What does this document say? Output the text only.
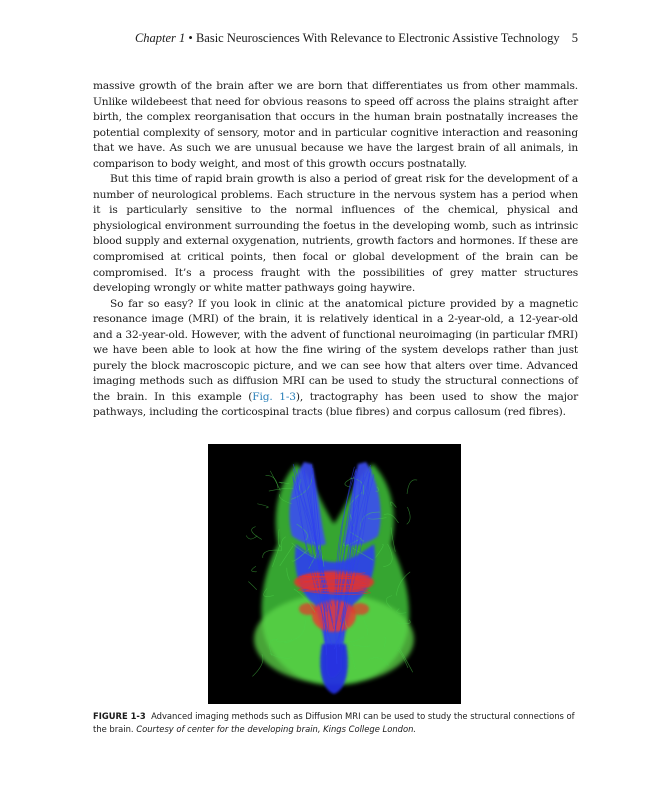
Chapter 1 • Basic Neurosciences With Relevance to Electronic Assistive Technology 5

massive growth of the brain after we are born that differentiates us from other mammals. Unlike wildebeest that need for obvious reasons to speed off across the plains straight after birth, the complex reorganisation that occurs in the human brain postnatally increases the potential complexity of sensory, motor and in particular cognitive interaction and reasoning that we have. As such we are unusual because we have the largest brain of all animals, in comparison to body weight, and most of this growth occurs postnatally.

But this time of rapid brain growth is also a period of great risk for the development of a number of neurological problems. Each structure in the nervous system has a period when it is particularly sensitive to the normal influences of the chemical, physical and physiological environment surrounding the foetus in the developing womb, such as intrinsic blood supply and external oxygenation, nutrients, growth factors and hormones. If these are compromised at critical points, then focal or global development of the brain can be compromised. It’s a process fraught with the possibilities of grey matter structures developing wrongly or white matter pathways going haywire.

So far so easy? If you look in clinic at the anatomical picture provided by a magnetic resonance image (MRI) of the brain, it is relatively identical in a 2-year-old, a 12-year-old and a 32-year-old. However, with the advent of functional neuroimaging (in particular fMRI) we have been able to look at how the fine wiring of the system develops rather than just purely the block macroscopic picture, and we can see how that alters over time. Advanced imaging methods such as diffusion MRI can be used to study the structural connections of the brain. In this example (Fig. 1-3), tractography has been used to show the major pathways, including the corticospinal tracts (blue fibres) and corpus callosum (red fibres).

FIGURE 1-3 Advanced imaging methods such as Diffusion MRI can be used to study the structural connections of the brain. Courtesy of center for the developing brain, Kings College London.
